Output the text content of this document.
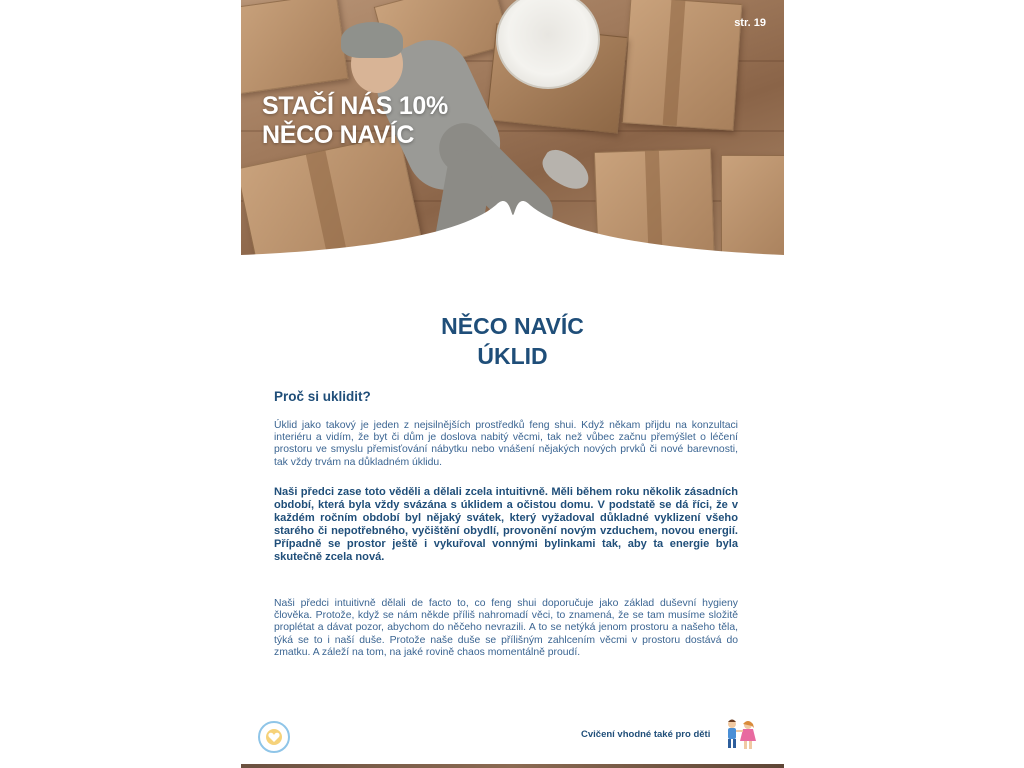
STAČÍ NÁS 10%
NĚCO NAVÍC
str. 19
NĚCO NAVÍC
ÚKLID
Proč si uklidit?

Úklid jako takový je jeden z nejsilnějších prostředků feng shui. Když někam přijdu na konzultaci interiéru a vidím, že byt či dům je doslova nabitý věcmi, tak než vůbec začnu přemýšlet o léčení prostoru ve smyslu přemisťování nábytku nebo vnášení nějakých nových prvků či nové barevnosti, tak vždy trvám na důkladném úklidu.

Naši předci zase toto věděli a dělali zcela intuitivně. Měli během roku několik zásadních období, která byla vždy svázána s úklidem a očistou domu. V podstatě se dá říci, že v každém ročním období byl nějaký svátek, který vyžadoval důkladné vyklizení všeho starého či nepotřebného, vyčištění obydlí, provonění novým vzduchem, novou energií. Případně se prostor ještě i vykuřoval vonnými bylinkami tak, aby ta energie byla skutečně zcela nová.

Naši předci intuitivně dělali de facto to, co feng shui doporučuje jako základ duševní hygieny člověka. Protože, když se nám někde příliš nahromadí věci, to znamená, že se tam musíme složitě proplétat a dávat pozor, abychom do něčeho nevrazili. A to se netýká jenom prostoru a našeho těla, týká se to i naší duše. Protože naše duše se přílišným zahlcením věcmi v prostoru dostává do zmatku. A záleží na tom, na jaké rovině chaos momentálně proudí.

Cvičení vhodné také pro děti
